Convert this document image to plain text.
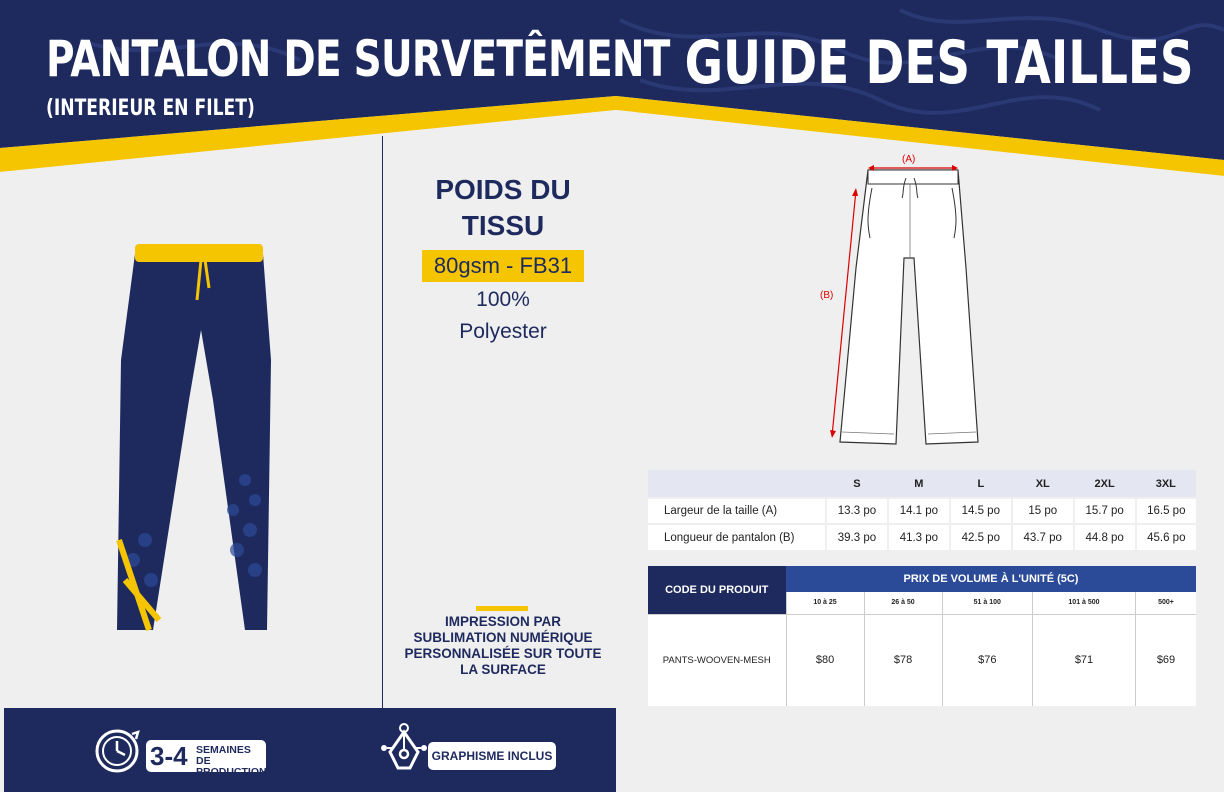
PANTALON DE SURVETÊMENT
(INTERIEUR EN FILET)
GUIDE DES TAILLES
POIDS DU
TISSU
80gsm - FB31
100%
Polyester
IMPRESSION PAR
SUBLIMATION NUMÉRIQUE
PERSONNALISÉE SUR TOUTE
LA SURFACE
3-4 SEMAINES DE
PRODUCTION
GRAPHISME INCLUS
(A)
(B)
	S	M	L	XL	2XL	3XL
Largeur de la taille (A)	13.3 po	14.1 po	14.5 po	15 po	15.7 po	16.5 po
Longueur de pantalon (B)	39.3 po	41.3 po	42.5 po	43.7 po	44.8 po	45.6 po
CODE DU PRODUIT	PRIX DE VOLUME À L'UNITÉ (5C)				
	10 à 25	26 à 50	51 à 100	101 à 500	500+
PANTS-WOOVEN-MESH	$80	$78	$76	$71	$69
